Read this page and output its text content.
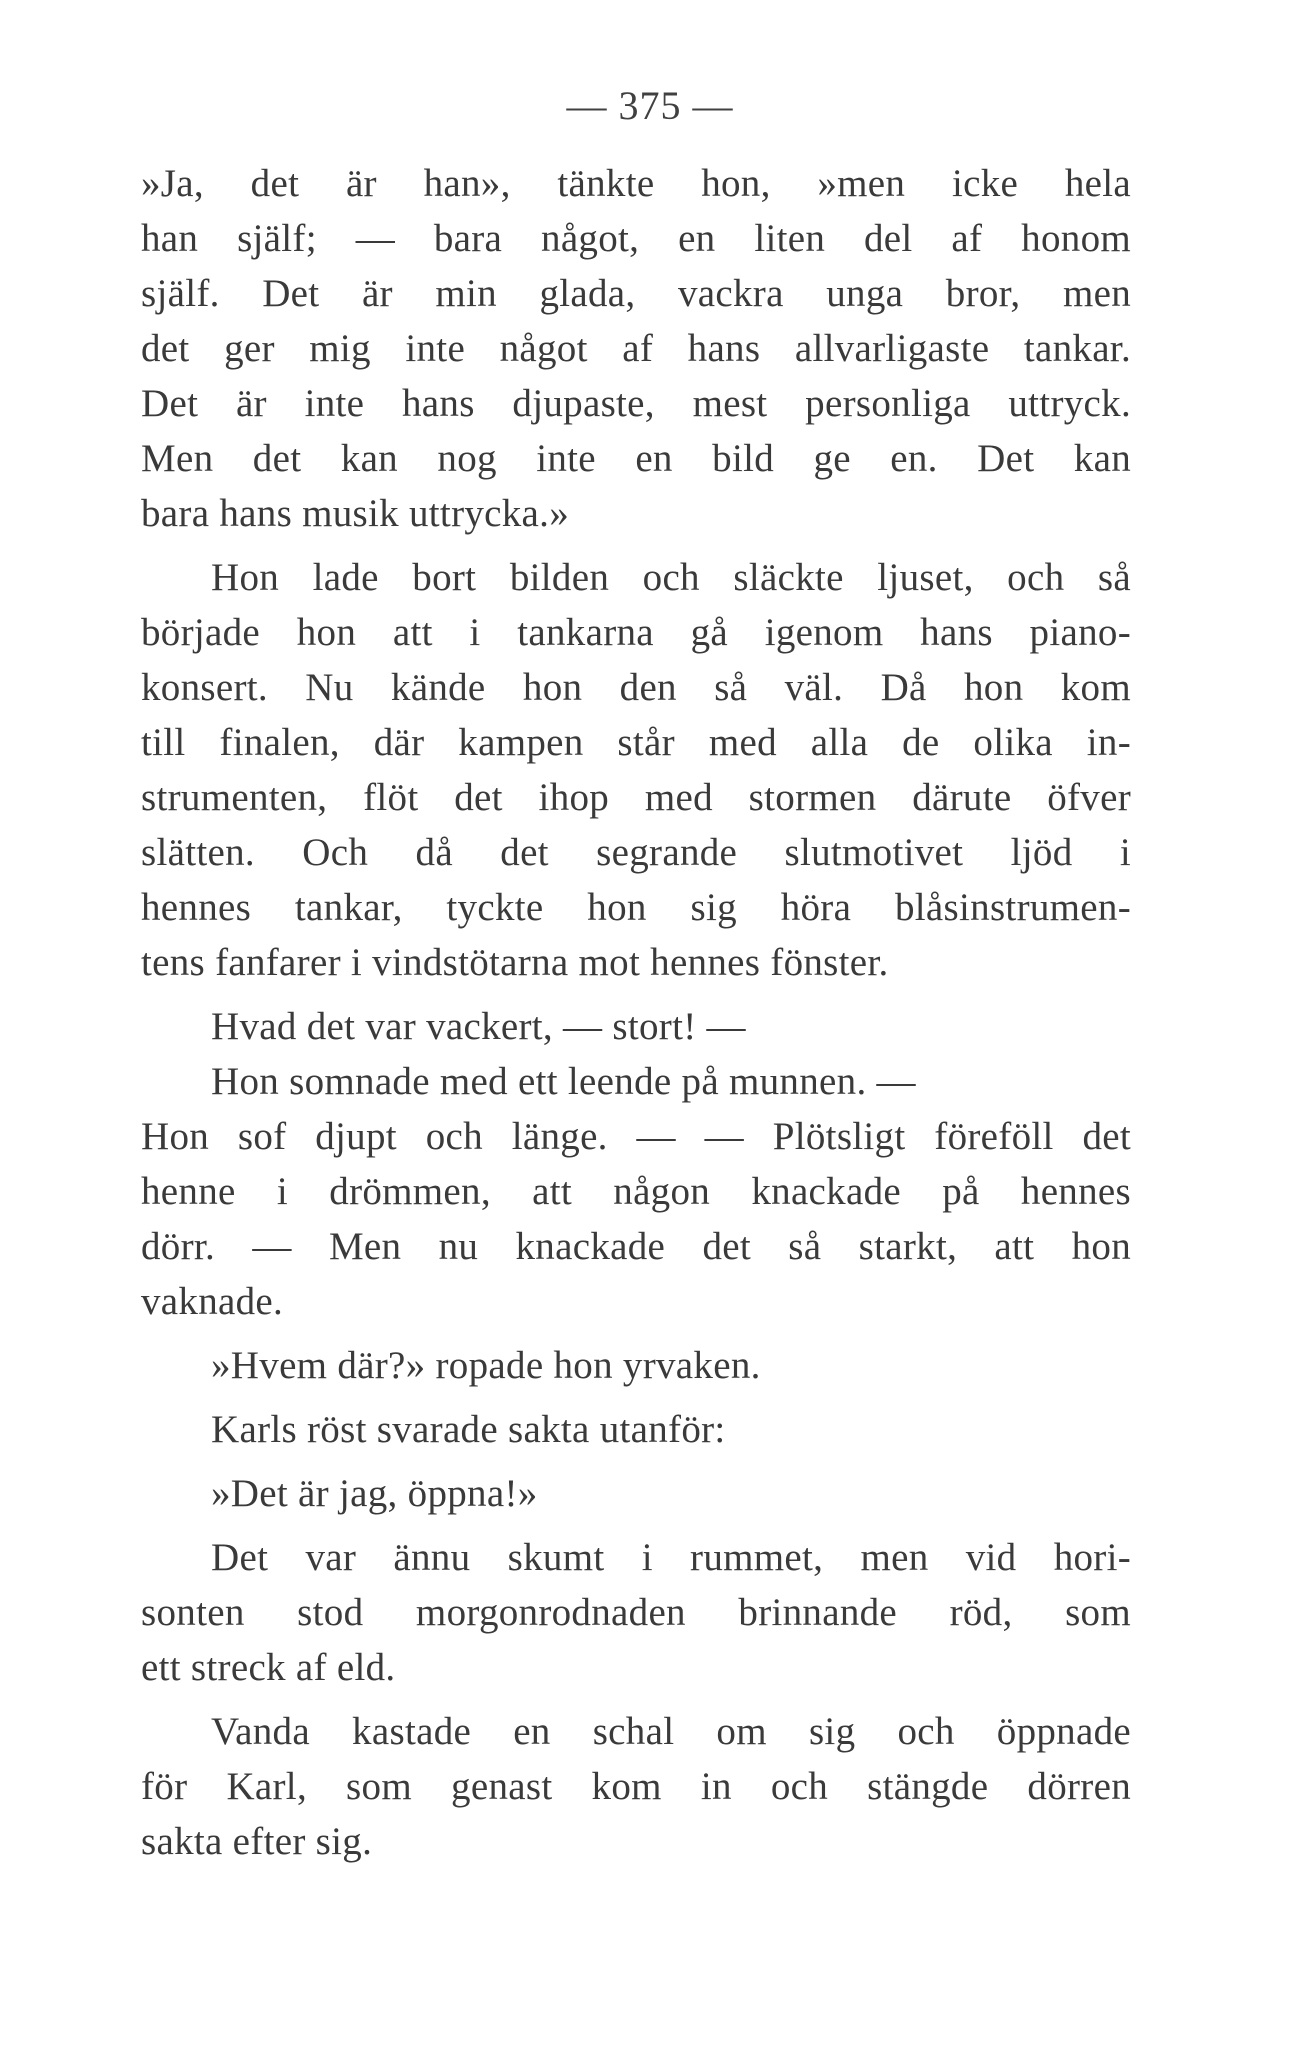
— 375 —
»Ja, det är han», tänkte hon, »men icke hela
han själf; — bara något, en liten del af honom
själf. Det är min glada, vackra unga bror, men
det ger mig inte något af hans allvarligaste tankar.
Det är inte hans djupaste, mest personliga uttryck.
Men det kan nog inte en bild ge en. Det kan
bara hans musik uttrycka.»
Hon lade bort bilden och släckte ljuset, och så
började hon att i tankarna gå igenom hans piano-
konsert. Nu kände hon den så väl. Då hon kom
till finalen, där kampen står med alla de olika in-
strumenten, flöt det ihop med stormen därute öfver
slätten. Och då det segrande slutmotivet ljöd i
hennes tankar, tyckte hon sig höra blåsinstrumen-
tens fanfarer i vindstötarna mot hennes fönster.
Hvad det var vackert, — stort! —
Hon somnade med ett leende på munnen. —
Hon sof djupt och länge. — — Plötsligt föreföll det
henne i drömmen, att någon knackade på hennes
dörr. — Men nu knackade det så starkt, att hon
vaknade.
»Hvem där?» ropade hon yrvaken.
Karls röst svarade sakta utanför:
»Det är jag, öppna!»
Det var ännu skumt i rummet, men vid hori-
sonten stod morgonrodnaden brinnande röd, som
ett streck af eld.
Vanda kastade en schal om sig och öppnade
för Karl, som genast kom in och stängde dörren
sakta efter sig.
